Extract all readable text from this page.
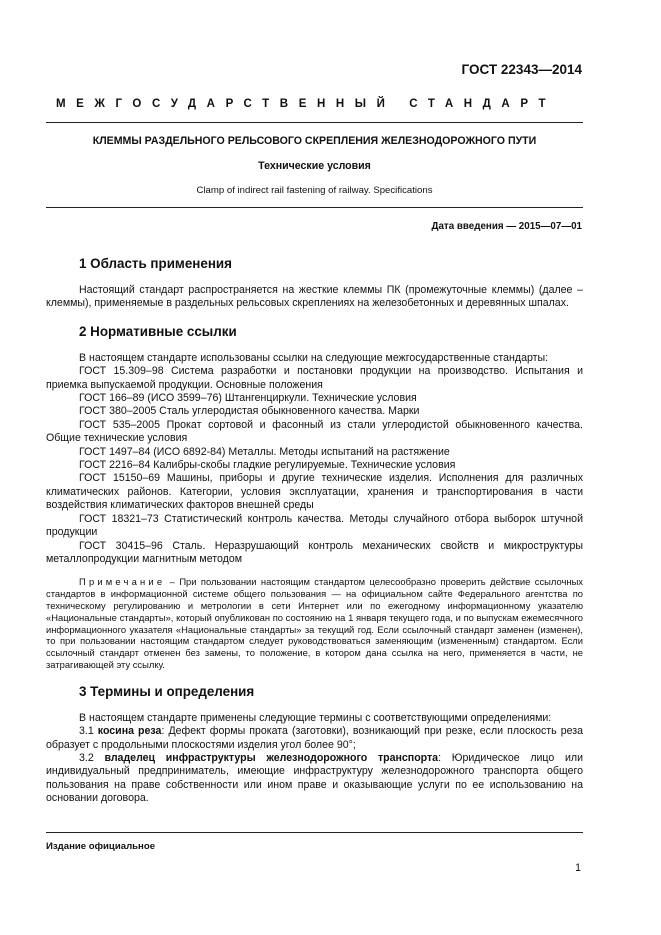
ГОСТ 22343—2014
МЕЖГОСУДАРСТВЕННЫЙ СТАНДАРТ
КЛЕММЫ РАЗДЕЛЬНОГО РЕЛЬСОВОГО СКРЕПЛЕНИЯ ЖЕЛЕЗНОДОРОЖНОГО ПУТИ
Технические условия
Clamp of indirect rail fastening of railway. Specifications
Дата введения — 2015—07—01
1 Область применения

Настоящий стандарт распространяется на жесткие клеммы ПК (промежуточные клеммы) (далее – клеммы), применяемые в раздельных рельсовых скреплениях на железобетонных и деревянных шпалах.

2 Нормативные ссылки

В настоящем стандарте использованы ссылки на следующие межгосударственные стандарты:

ГОСТ 15.309–98 Система разработки и постановки продукции на производство. Испытания и приемка выпускаемой продукции. Основные положения

ГОСТ 166–89 (ИСО 3599–76) Штангенциркули. Технические условия

ГОСТ 380–2005 Сталь углеродистая обыкновенного качества. Марки

ГОСТ 535–2005 Прокат сортовой и фасонный из стали углеродистой обыкновенного качества. Общие технические условия

ГОСТ 1497–84 (ИСО 6892-84) Металлы. Методы испытаний на растяжение

ГОСТ 2216–84 Калибры-скобы гладкие регулируемые. Технические условия

ГОСТ 15150–69 Машины, приборы и другие технические изделия. Исполнения для различных климатических районов. Категории, условия эксплуатации, хранения и транспортирования в части воздействия климатических факторов внешней среды

ГОСТ 18321–73 Статистический контроль качества. Методы случайного отбора выборок штучной продукции

ГОСТ 30415–96 Сталь. Неразрушающий контроль механических свойств и микроструктуры металлопродукции магнитным методом

Примечание – При пользовании настоящим стандартом целесообразно проверить действие ссылочных стандартов в информационной системе общего пользования — на официальном сайте Федерального агентства по техническому регулированию и метрологии в сети Интернет или по ежегодному информационному указателю «Национальные стандарты», который опубликован по состоянию на 1 января текущего года, и по выпускам ежемесячного информационного указателя «Национальные стандарты» за текущий год. Если ссылочный стандарт заменен (изменен), то при пользовании настоящим стандартом следует руководствоваться заменяющим (измененным) стандартом. Если ссылочный стандарт отменен без замены, то положение, в котором дана ссылка на него, применяется в части, не затрагивающей эту ссылку.

3 Термины и определения

В настоящем стандарте применены следующие термины с соответствующими определениями:

3.1 косина реза: Дефект формы проката (заготовки), возникающий при резке, если плоскость реза образует с продольными плоскостями изделия угол более 90°;

3.2 владелец инфраструктуры железнодорожного транспорта: Юридическое лицо или индивидуальный предприниматель, имеющие инфраструктуру железнодорожного транспорта общего пользования на праве собственности или ином праве и оказывающие услуги по ее использованию на основании договора.

Издание официальное
1
